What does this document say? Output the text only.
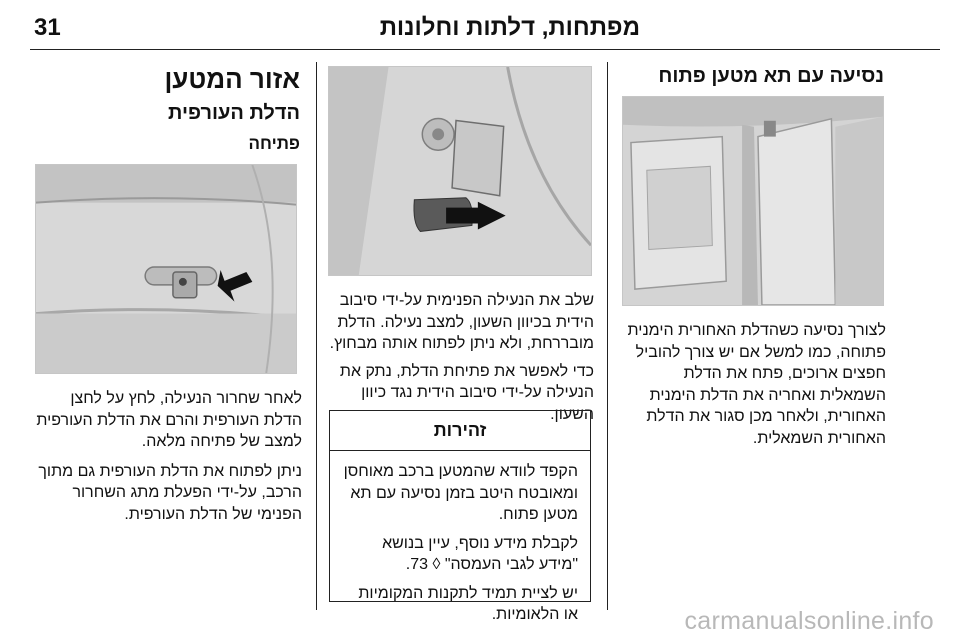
מפתחות, דלתות וחלונות
31
אזור המטען
הדלת העורפית
פתיחה

לאחר שחרור הנעילה, לחץ על לחצן הדלת העורפית והרם את הדלת העורפית למצב של פתיחה מלאה.

ניתן לפתוח את הדלת העורפית גם מתוך הרכב, על-ידי הפעלת מתג השחרור הפנימי של הדלת העורפית.

שלב את הנעילה הפנימית על-ידי סיבוב הידית בכיוון השעון, למצב נעילה. הדלת מובררחת, ולא ניתן לפתוח אותה מבחוץ.

כדי לאפשר את פתיחת הדלת, נתק את הנעילה על-ידי סיבוב הידית נגד כיוון השעון.

זהירות

הקפד לוודא שהמטען ברכב מאוחסן ומאובטח היטב בזמן נסיעה עם תא מטען פתוח.

לקבלת מידע נוסף, עיין בנושא "מידע לגבי העמסה" ◊ 73.

יש לציית תמיד לתקנות המקומיות או הלאומיות.

נסיעה עם תא מטען פתוח

לצורך נסיעה כשהדלת האחורית הימנית פתוחה, כמו למשל אם יש צורך להוביל חפצים ארוכים, פתח את הדלת השמאלית ואחריה את הדלת הימנית האחורית, ולאחר מכן סגור את הדלת האחורית השמאלית.

carmanualsonline.info
